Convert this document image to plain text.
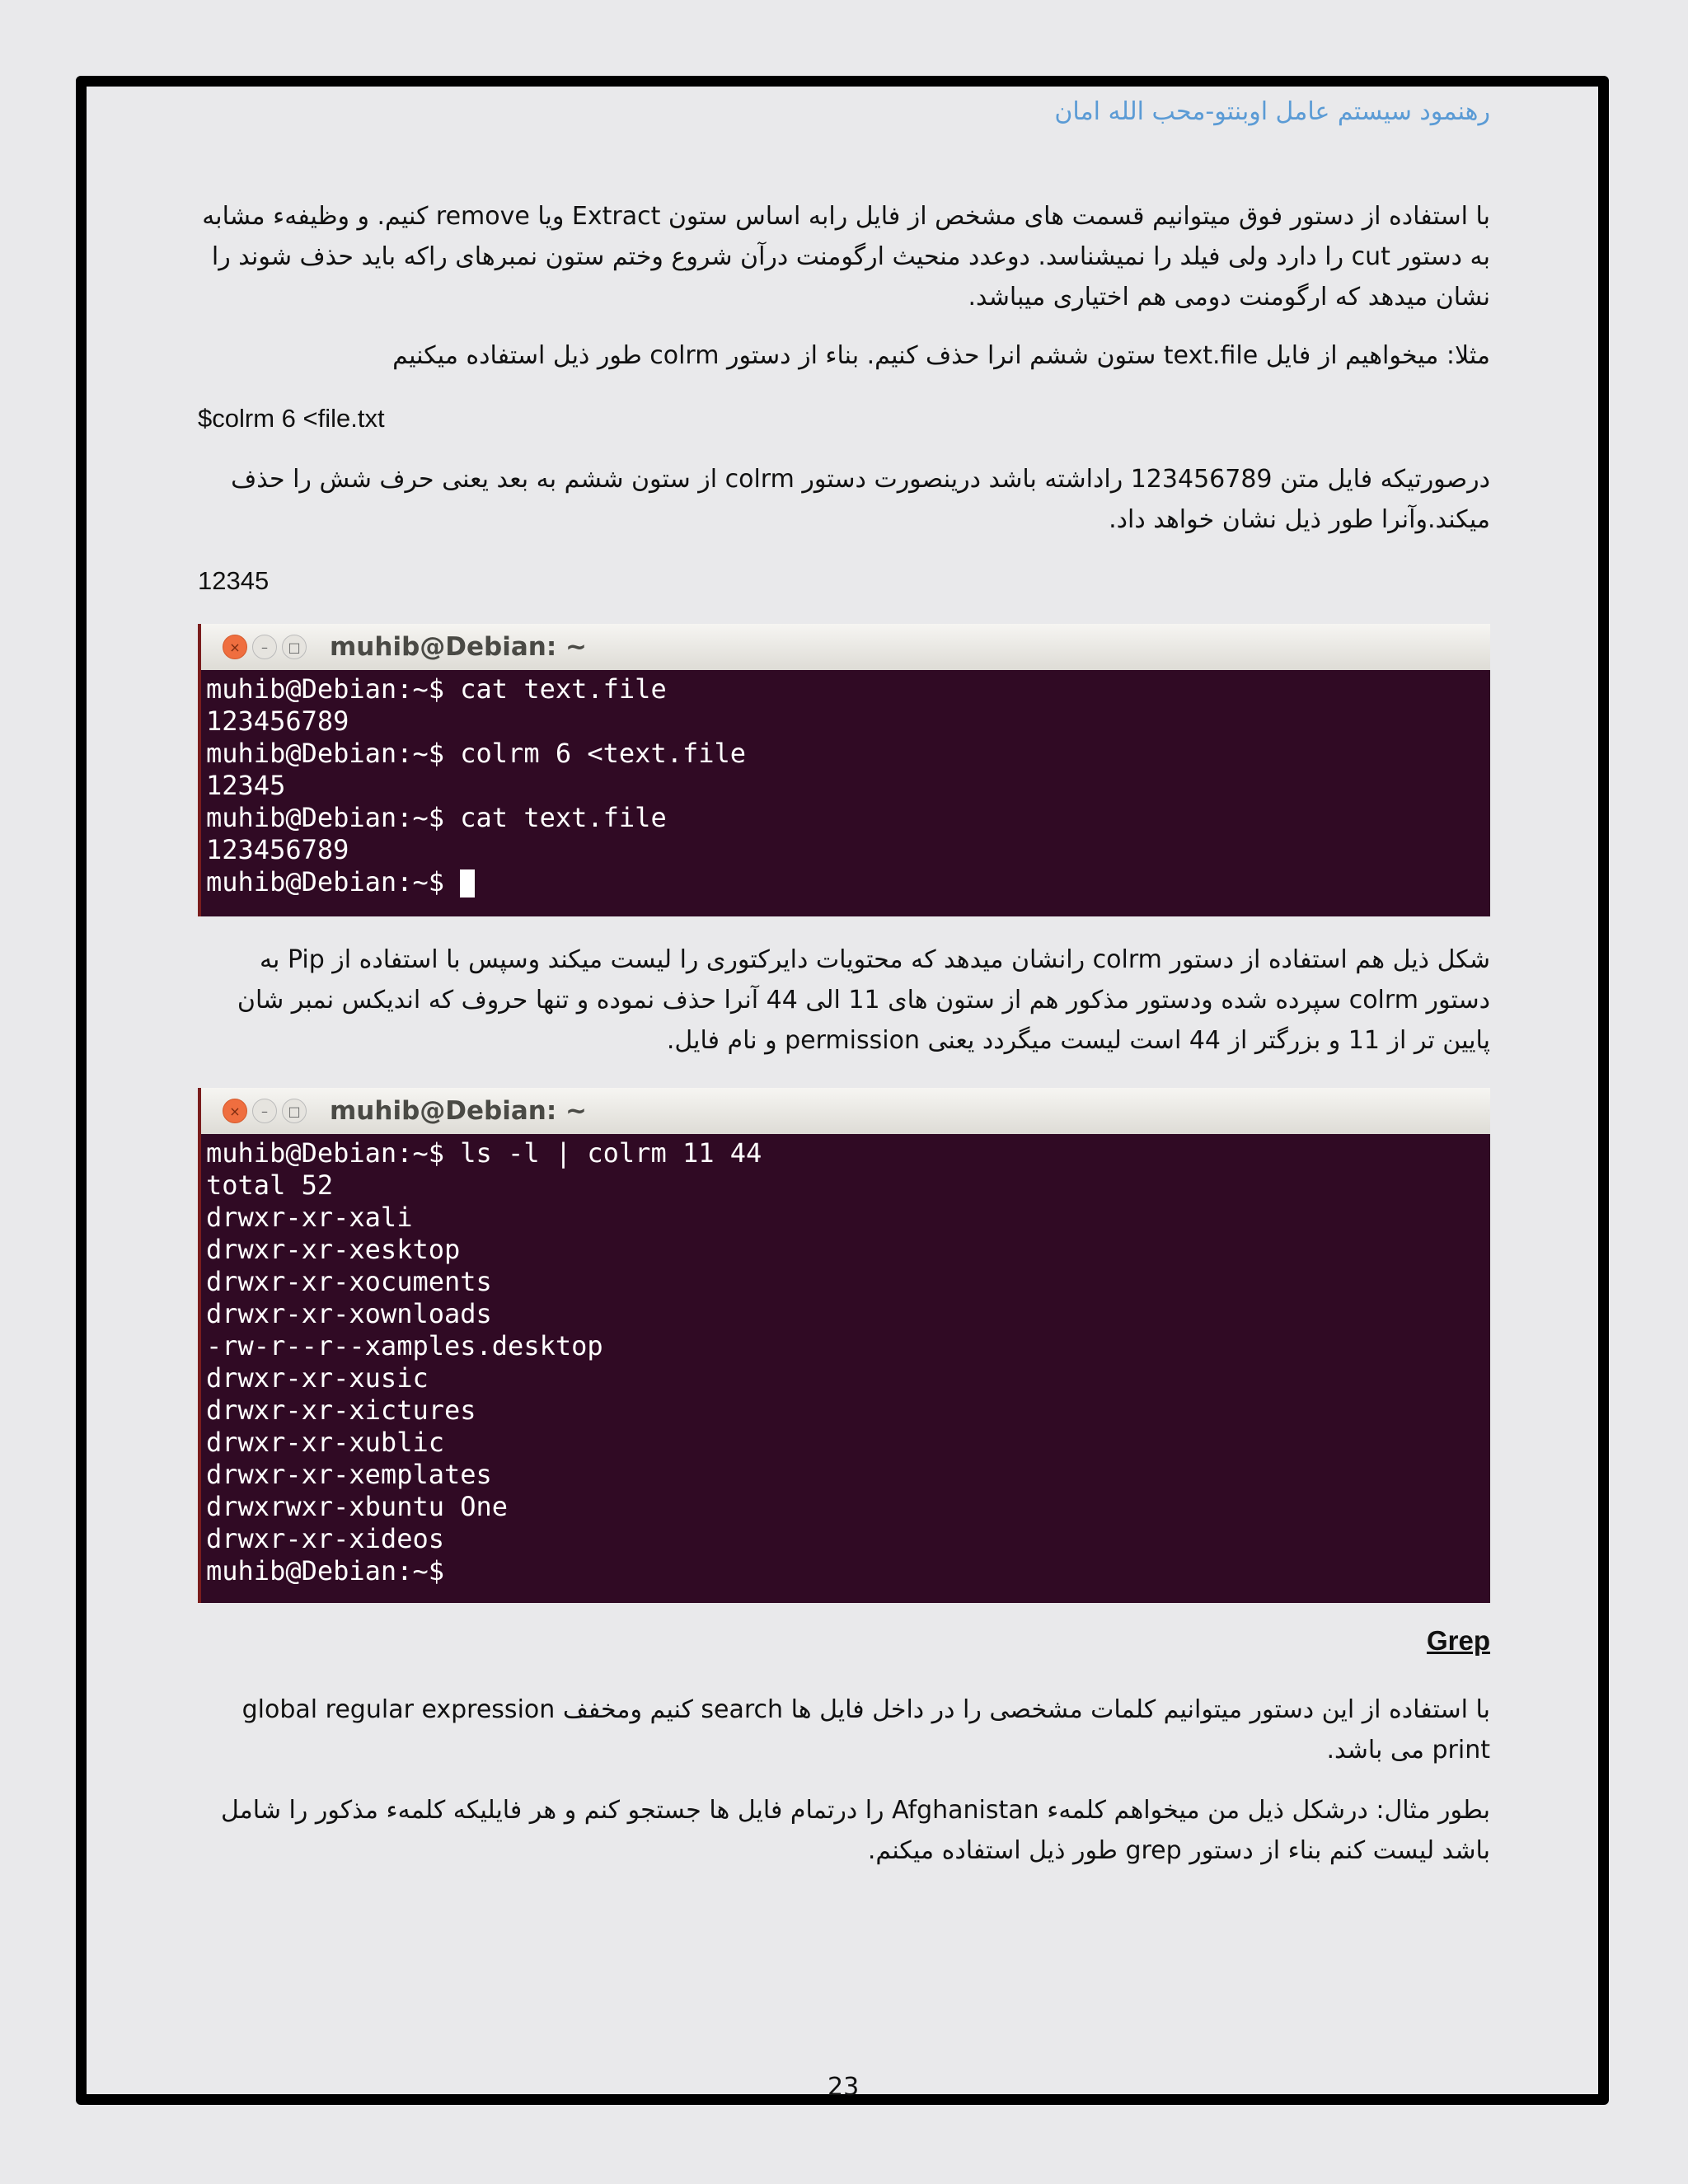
رهنمود سیستم عامل اوبنتو-محب الله امان
با استفاده از دستور فوق میتوانیم قسمت های مشخص از فایل رابه اساس ستون Extract ویا remove کنیم. و وظیفهء مشابه به دستور cut را دارد ولی فیلد را نمیشناسد. دوعدد منحیث ارگومنت درآن شروع وختم ستون نمبرهای راکه باید حذف شوند را نشان میدهد که ارگومنت دومی هم اختیاری میباشد.
مثلا: میخواهیم از فایل text.file ستون ششم انرا حذف کنیم. بناء از دستور colrm طور ذیل استفاده میکنیم
$colrm 6 <file.txt
درصورتیکه فایل متن 123456789 راداشته باشد درینصورت دستور colrm از ستون ششم به بعد یعنی حرف شش را حذف میکند.وآنرا طور ذیل نشان خواهد داد.
12345
×	–	□ muhib@Debian: ~
muhib@Debian:~$ cat text.file
123456789
muhib@Debian:~$ colrm 6 <text.file
12345
muhib@Debian:~$ cat text.file
123456789
muhib@Debian:~$
شکل ذیل هم استفاده از دستور colrm رانشان میدهد که محتویات دایرکتوری را لیست میکند وسپس با استفاده از Pip به دستور colrm سپرده شده ودستور مذکور هم از ستون های 11 الی 44 آنرا حذف نموده و تنها حروف که اندیکس نمبر شان پایین تر از 11 و بزرگتر از 44 است لیست میگردد یعنی permission و نام فایل.
×	–	□ muhib@Debian: ~
muhib@Debian:~$ ls -l | colrm 11 44
total 52
drwxr-xr-xali
drwxr-xr-xesktop
drwxr-xr-xocuments
drwxr-xr-xownloads
-rw-r--r--xamples.desktop
drwxr-xr-xusic
drwxr-xr-xictures
drwxr-xr-xublic
drwxr-xr-xemplates
drwxrwxr-xbuntu One
drwxr-xr-xideos
muhib@Debian:~$
Grep
با استفاده از این دستور میتوانیم کلمات مشخصی را در داخل فایل ها search کنیم ومخفف global regular expression print می باشد.
بطور مثال: درشکل ذیل من میخواهم کلمهء Afghanistan را درتمام فایل ها جستجو کنم و هر فایلیکه کلمهء مذکور را شامل باشد لیست کنم بناء از دستور grep طور ذیل استفاده میکنم.
23
